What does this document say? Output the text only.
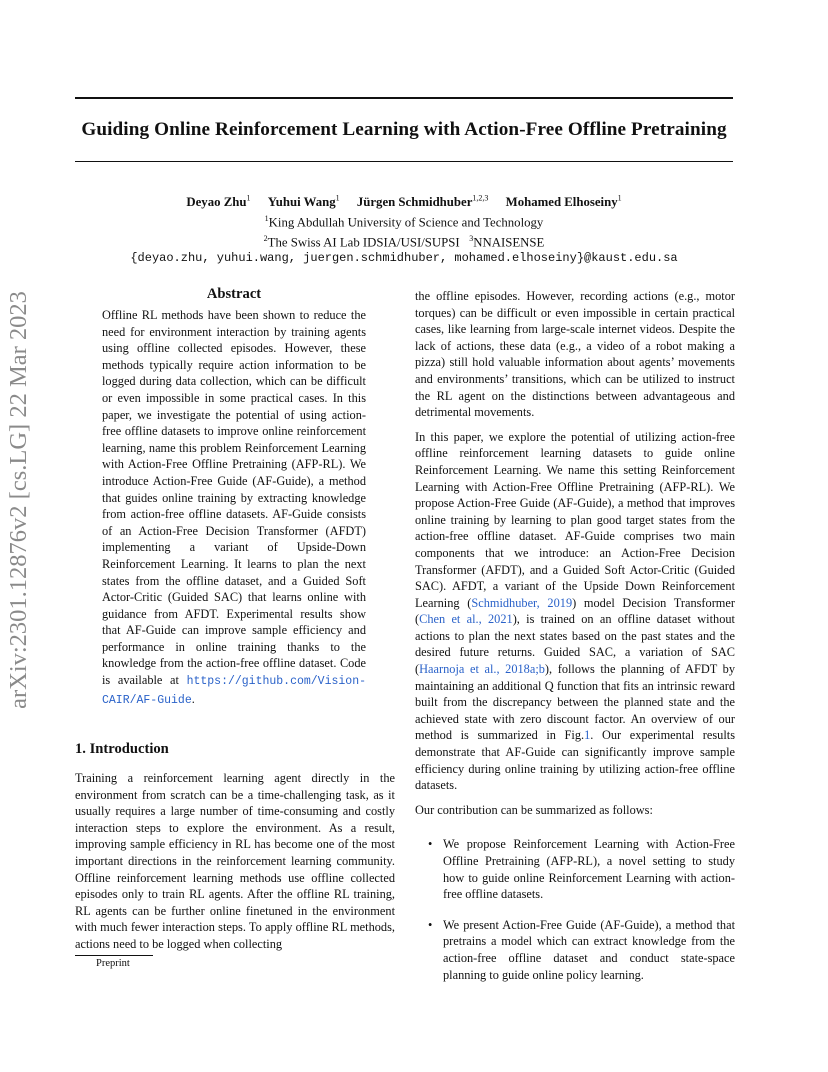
arXiv:2301.12876v2 [cs.LG] 22 Mar 2023
Guiding Online Reinforcement Learning with Action-Free Offline Pretraining
Deyao Zhu$^1$ Yuhui Wang$^1$ Jürgen Schmidhuber$^{1,2,3}$ Mohamed Elhoseiny$^1$
$^1$King Abdullah University of Science and Technology
$^2$The Swiss AI Lab IDSIA/USI/SUPSI $^3$NNAISENSE
{deyao.zhu, yuhui.wang, juergen.schmidhuber, mohamed.elhoseiny}@kaust.edu.sa
Abstract

Offline RL methods have been shown to reduce the need for environment interaction by training agents using offline collected episodes. However, these methods typically require action information to be logged during data collection, which can be difficult or even impossible in some practical cases. In this paper, we investigate the potential of using action-free offline datasets to improve online reinforcement learning, name this problem Reinforcement Learning with Action-Free Offline Pretraining (AFP-RL). We introduce Action-Free Guide (AF-Guide), a method that guides online training by extracting knowledge from action-free offline datasets. AF-Guide consists of an Action-Free Decision Transformer (AFDT) implementing a variant of Upside-Down Reinforcement Learning. It learns to plan the next states from the offline dataset, and a Guided Soft Actor-Critic (Guided SAC) that learns online with guidance from AFDT. Experimental results show that AF-Guide can improve sample efficiency and performance in online training thanks to the knowledge from the action-free offline dataset. Code is available at https://github.com/Vision-CAIR/AF-Guide.

1. Introduction

Training a reinforcement learning agent directly in the environment from scratch can be a time-challenging task, as it usually requires a large number of time-consuming and costly interaction steps to explore the environment. As a result, improving sample efficiency in RL has become one of the most important directions in the reinforcement learning community. Offline reinforcement learning methods use offline collected episodes only to train RL agents. After the offline RL training, RL agents can be further online finetuned in the environment with much fewer interaction steps. To apply offline RL methods, actions need to be logged when collecting

the offline episodes. However, recording actions (e.g., motor torques) can be difficult or even impossible in certain practical cases, like learning from large-scale internet videos. Despite the lack of actions, these data (e.g., a video of a robot making a pizza) still hold valuable information about agents’ movements and environments’ transitions, which can be utilized to instruct the RL agent on the distinctions between advantageous and detrimental movements.

In this paper, we explore the potential of utilizing action-free offline reinforcement learning datasets to guide online Reinforcement Learning. We name this setting Reinforcement Learning with Action-Free Offline Pretraining (AFP-RL). We propose Action-Free Guide (AF-Guide), a method that improves online training by learning to plan good target states from the action-free offline dataset. AF-Guide comprises two main components that we introduce: an Action-Free Decision Transformer (AFDT), and a Guided Soft Actor-Critic (Guided SAC). AFDT, a variant of the Upside Down Reinforcement Learning (Schmidhuber, 2019) model Decision Transformer (Chen et al., 2021), is trained on an offline dataset without actions to plan the next states based on the past states and the desired future returns. Guided SAC, a variation of SAC (Haarnoja et al., 2018a;b), follows the planning of AFDT by maintaining an additional Q function that fits an intrinsic reward built from the discrepancy between the planned state and the achieved state with zero discount factor. An overview of our method is summarized in Fig.1. Our experimental results demonstrate that AF-Guide can significantly improve sample efficiency during online training by utilizing action-free offline datasets.

Our contribution can be summarized as follows:

• We propose Reinforcement Learning with Action-Free Offline Pretraining (AFP-RL), a novel setting to study how to guide online Reinforcement Learning with action-free offline datasets.
• We present Action-Free Guide (AF-Guide), a method that pretrains a model which can extract knowledge from the action-free offline dataset and conduct state-space planning to guide online policy learning.
Preprint
